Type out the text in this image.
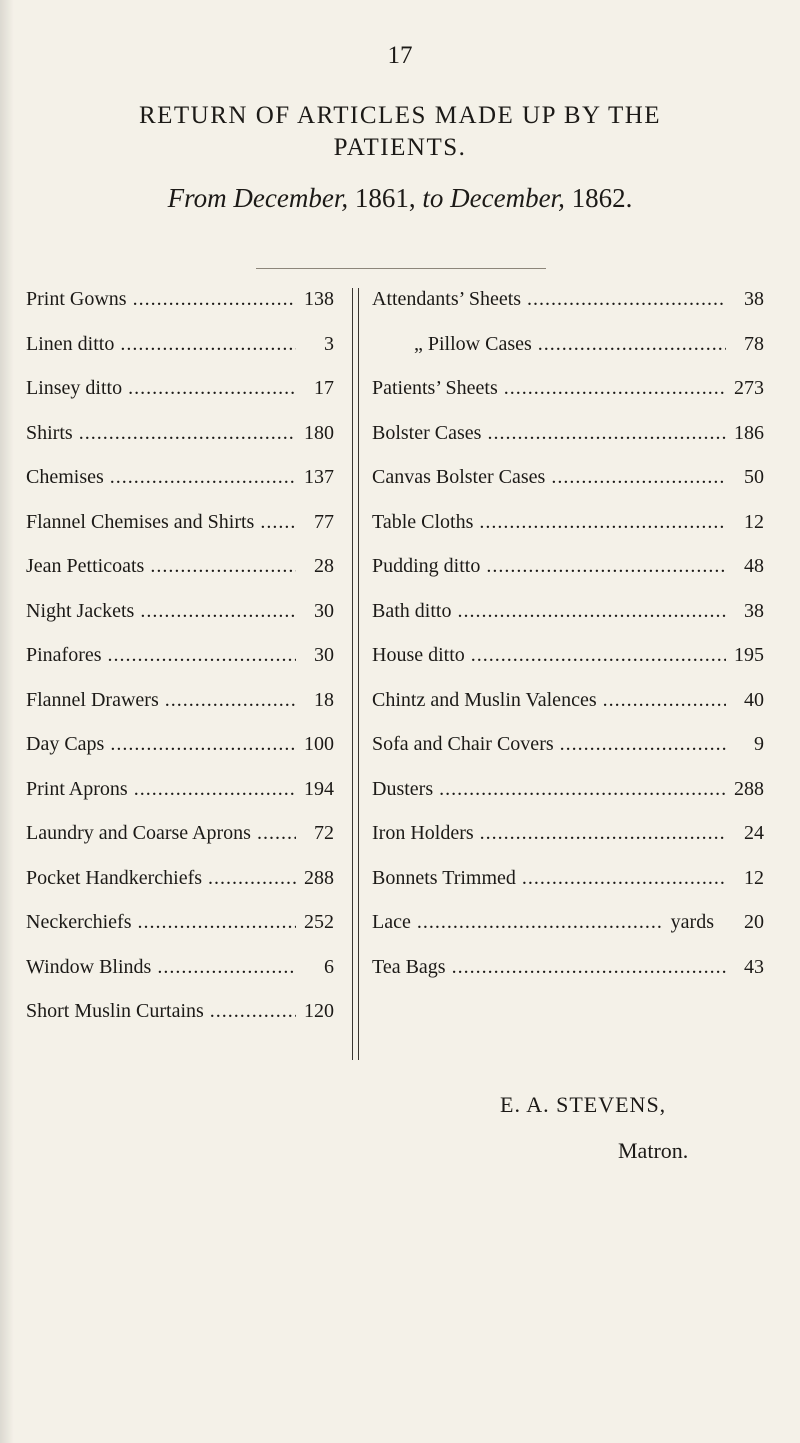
17
RETURN OF ARTICLES MADE UP BY THE
PATIENTS.
From December, 1861, to December, 1862.
Print Gowns .....	138
Linen ditto .....	3
Linsey ditto .....	17
Shirts .....	180
Chemises .....	137
Flannel Chemises and Shirts .....	77
Jean Petticoats .....	28
Night Jackets .....	30
Pinafores .....	30
Flannel Drawers .....	18
Day Caps .....	100
Print Aprons .....	194
Laundry and Coarse Aprons .....	72
Pocket Handkerchiefs .....	288
Neckerchiefs .....	252
Window Blinds .....	6
Short Muslin Curtains .....	120
Attendants’ Sheets .....	38
„ Pillow Cases .....	78
Patients’ Sheets .....	273
Bolster Cases .....	186
Canvas Bolster Cases .....	50
Table Cloths .....	12
Pudding ditto .....	48
Bath ditto .....	38
House ditto .....	195
Chintz and Muslin Valences .....	40
Sofa and Chair Covers .....	9
Dusters .....	288
Iron Holders .....	24
Bonnets Trimmed .....	12
Lace .....	yards	20
Tea Bags .....	43
E. A. STEVENS,
Matron.
